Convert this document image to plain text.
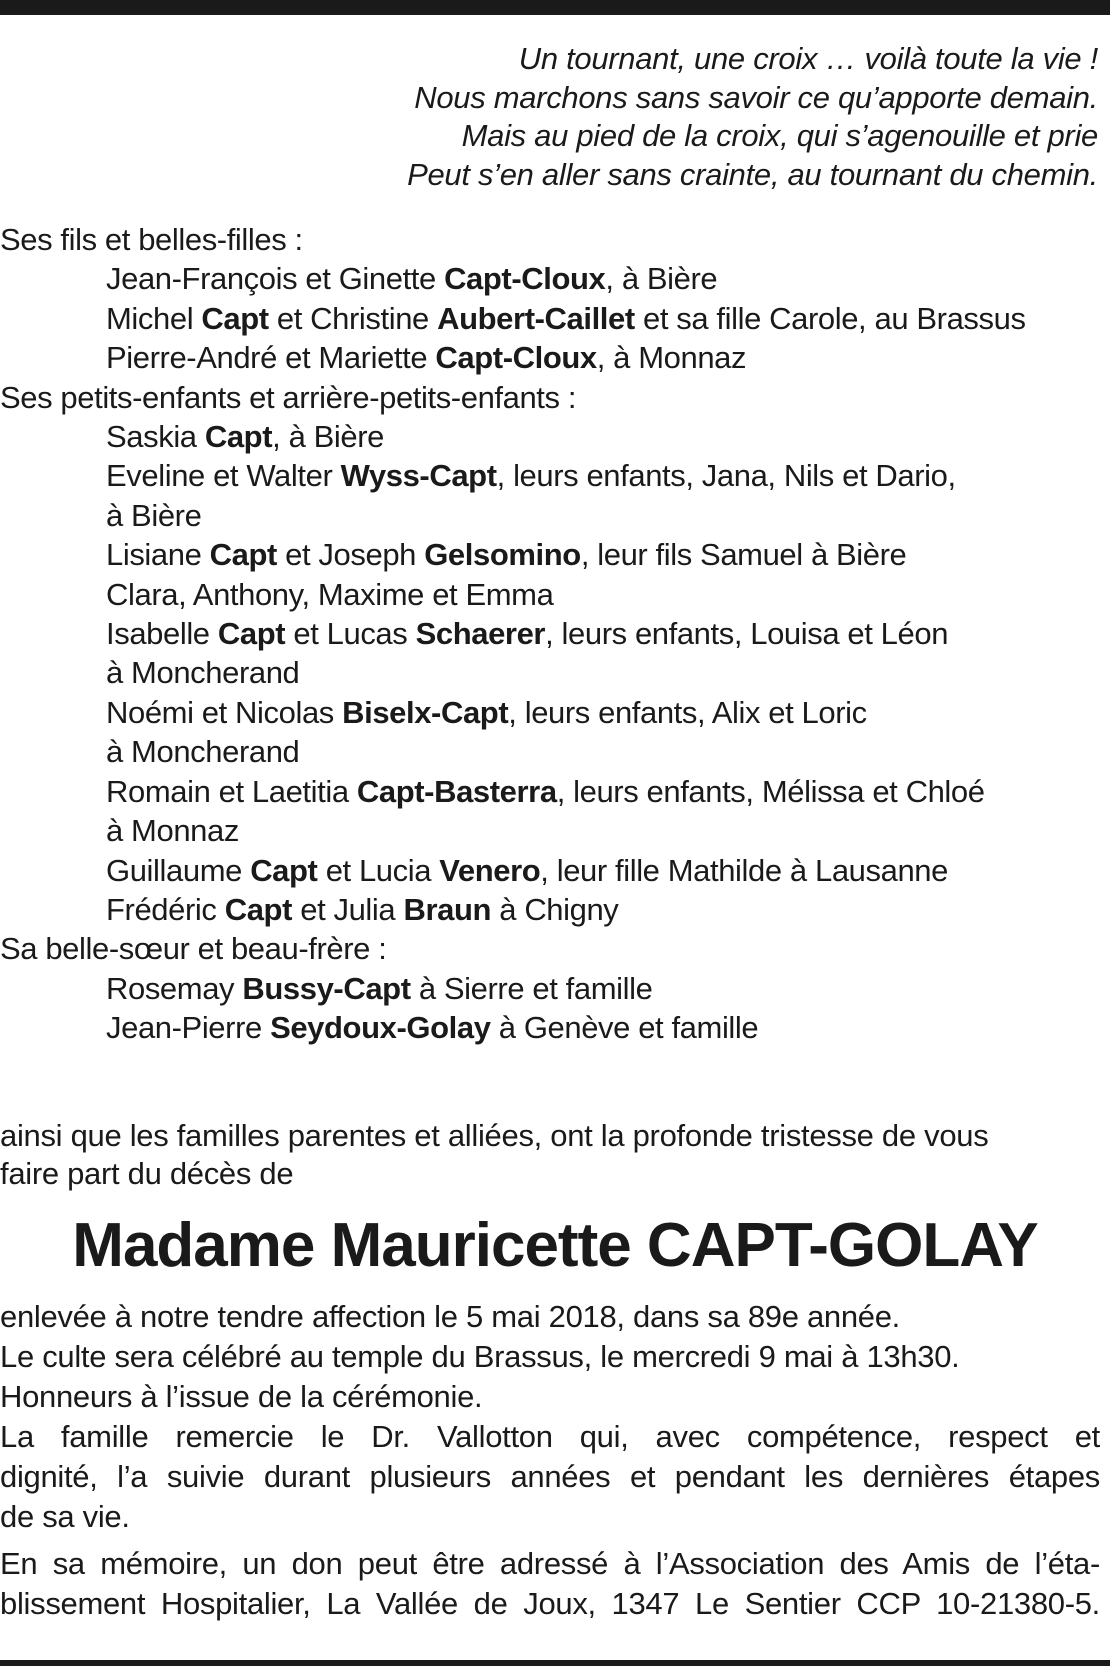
Un tournant, une croix … voilà toute la vie !
Nous marchons sans savoir ce qu’apporte demain.
Mais au pied de la croix, qui s’agenouille et prie
Peut s’en aller sans crainte, au tournant du chemin.
Ses fils et belles-filles :
Jean-François et Ginette Capt-Cloux, à Bière
Michel Capt et Christine Aubert-Caillet et sa fille Carole, au Brassus
Pierre-André et Mariette Capt-Cloux, à Monnaz
Ses petits-enfants et arrière-petits-enfants :
Saskia Capt, à Bière
Eveline et Walter Wyss-Capt, leurs enfants, Jana, Nils et Dario,
à Bière
Lisiane Capt et Joseph Gelsomino, leur fils Samuel à Bière
Clara, Anthony, Maxime et Emma
Isabelle Capt et Lucas Schaerer, leurs enfants, Louisa et Léon
à Moncherand
Noémi et Nicolas Biselx-Capt, leurs enfants, Alix et Loric
à Moncherand
Romain et Laetitia Capt-Basterra, leurs enfants, Mélissa et Chloé
à Monnaz
Guillaume Capt et Lucia Venero, leur fille Mathilde à Lausanne
Frédéric Capt et Julia Braun à Chigny
Sa belle-sœur et beau-frère :
Rosemay Bussy-Capt à Sierre et famille
Jean-Pierre Seydoux-Golay à Genève et famille
ainsi que les familles parentes et alliées, ont la profonde tristesse de vous
faire part du décès de
Madame Mauricette CAPT-GOLAY
enlevée à notre tendre affection le 5 mai 2018, dans sa 89e année.
Le culte sera célébré au temple du Brassus, le mercredi 9 mai à 13h30.
Honneurs à l’issue de la cérémonie.
La famille remercie le Dr. Vallotton qui, avec compétence, respect et
dignité, l’a suivie durant plusieurs années et pendant les dernières étapes
de sa vie.
En sa mémoire, un don peut être adressé à l’Association des Amis de l’éta-
blissement Hospitalier, La Vallée de Joux, 1347 Le Sentier CCP 10-21380-5.
